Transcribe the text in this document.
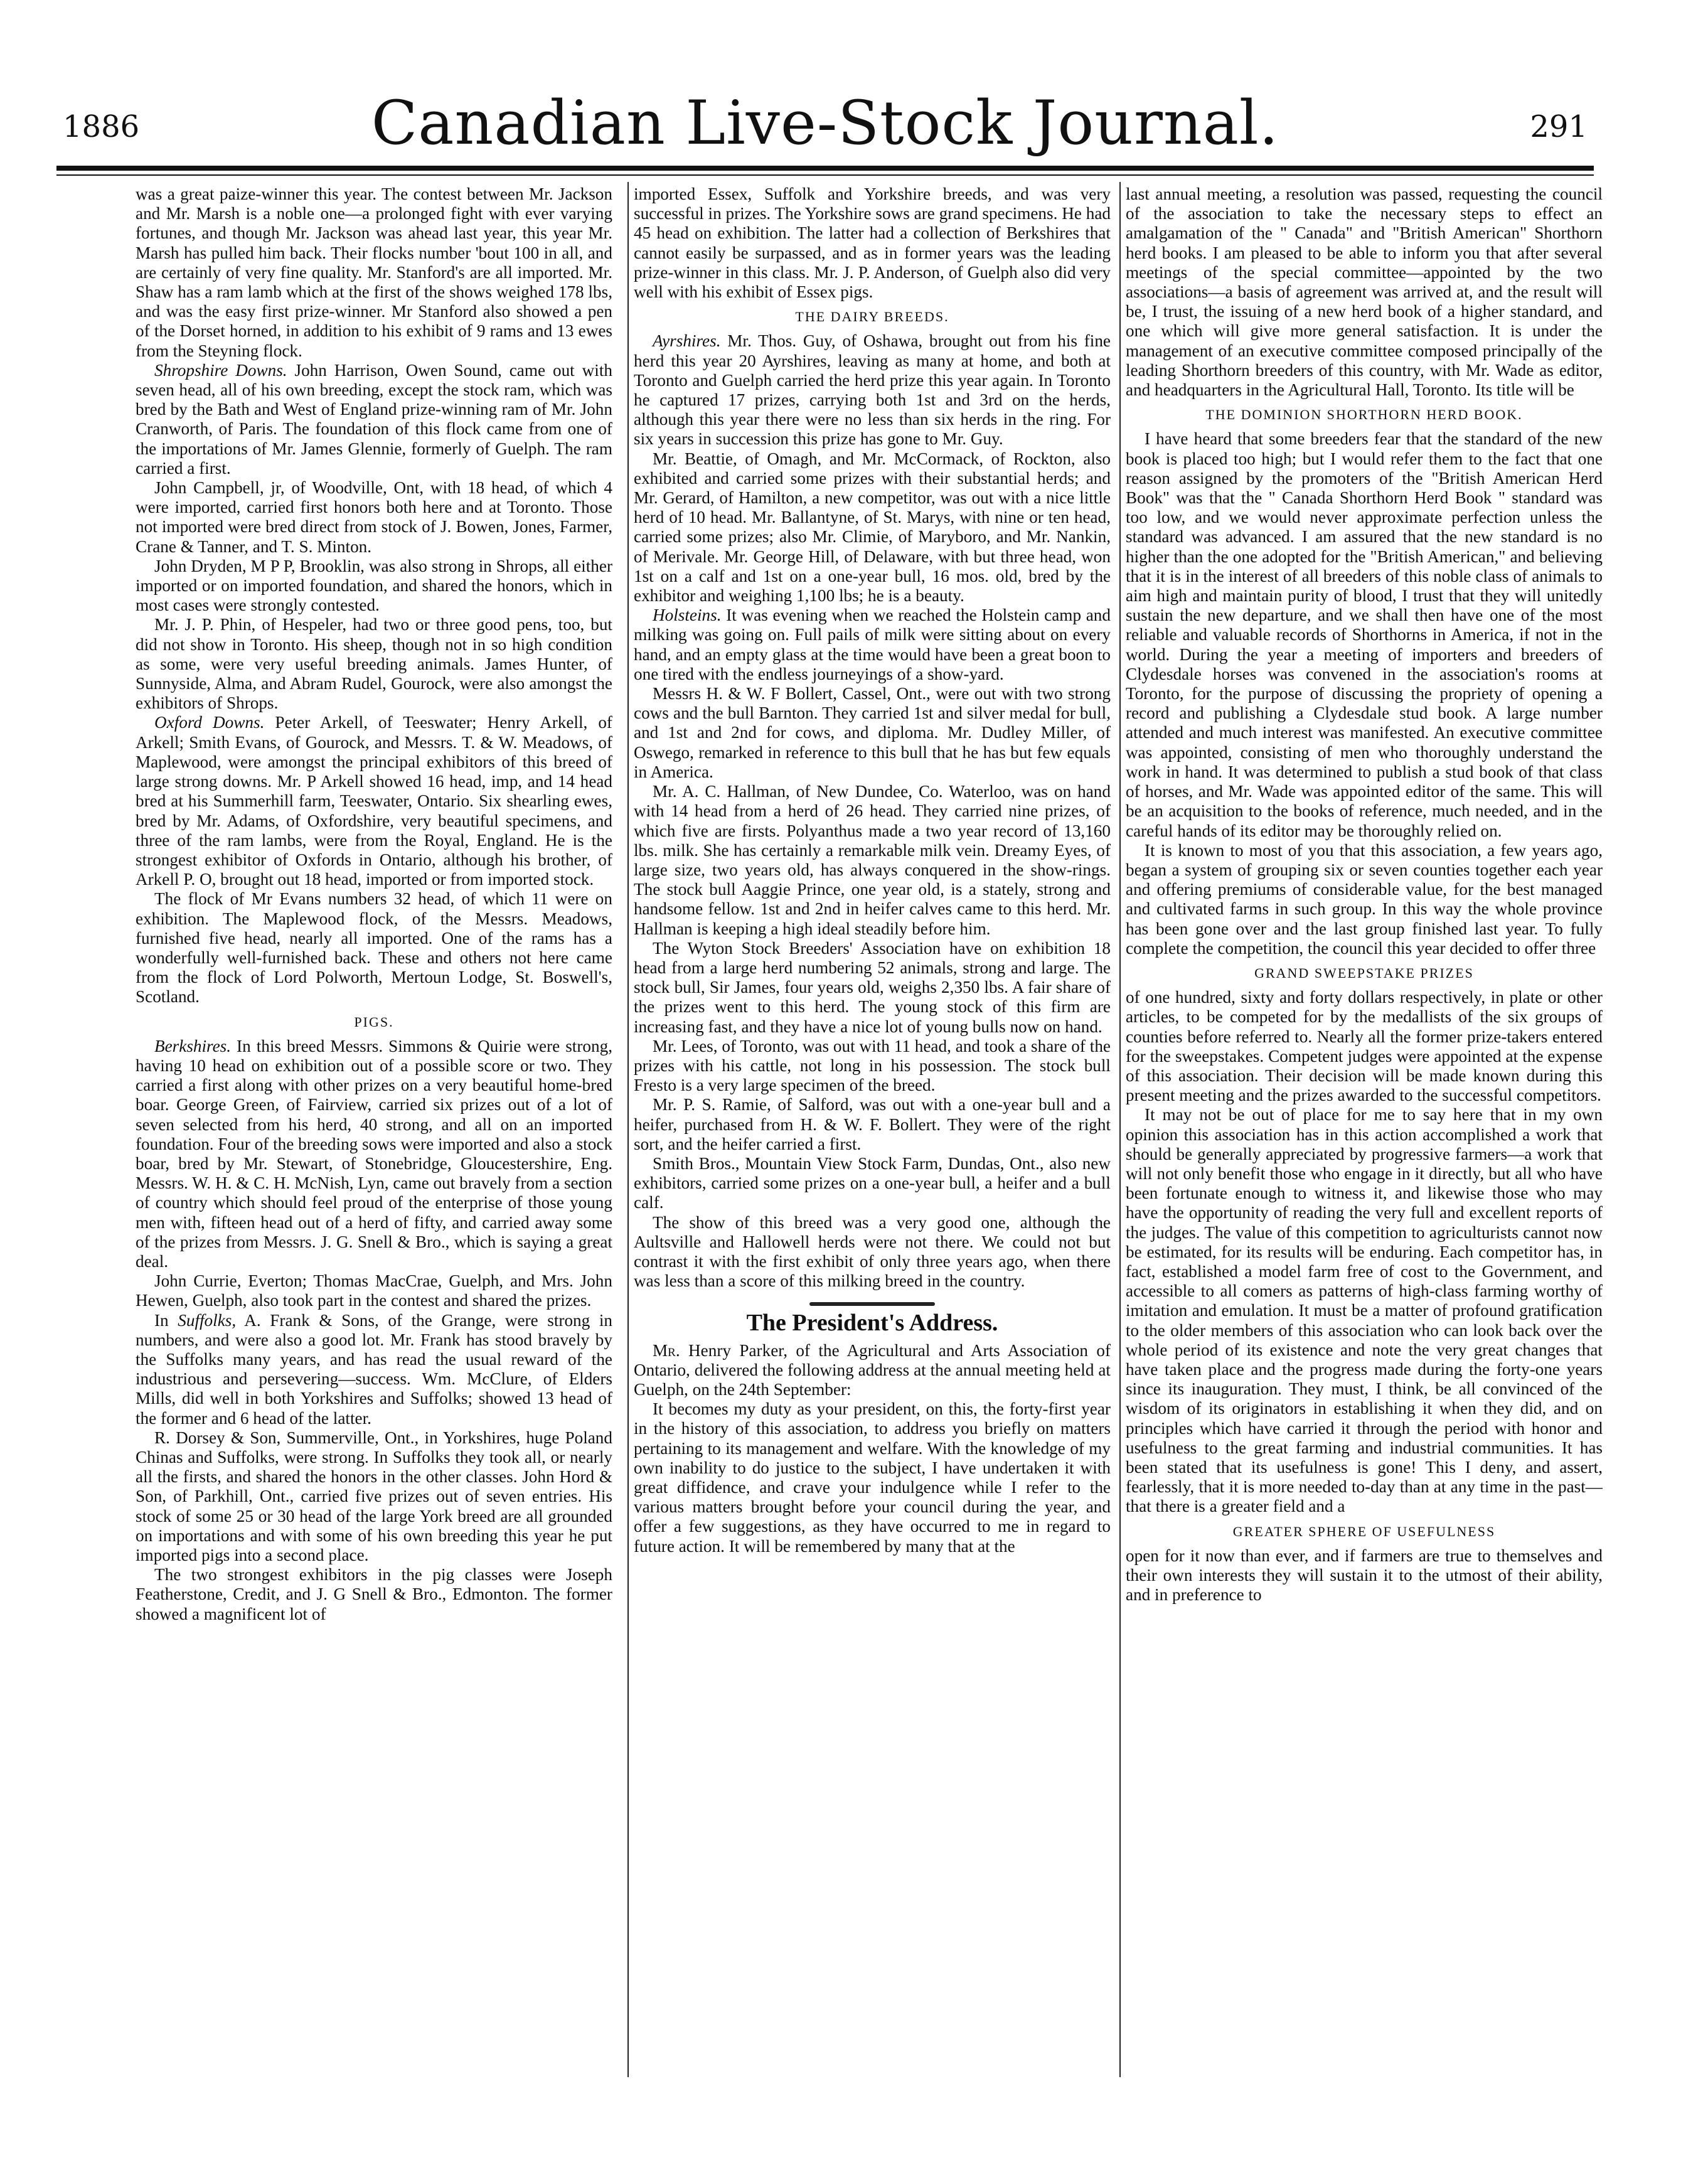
1886	Canadian Live-Stock Journal.	291

was a great paize-winner this year. The contest between Mr. Jackson and Mr. Marsh is a noble one—a prolonged fight with ever varying fortunes, and though Mr. Jackson was ahead last year, this year Mr. Marsh has pulled him back. Their flocks number 'bout 100 in all, and are certainly of very fine quality. Mr. Stanford's are all imported. Mr. Shaw has a ram lamb which at the first of the shows weighed 178 lbs, and was the easy first prize-winner. Mr Stanford also showed a pen of the Dorset horned, in addition to his exhibit of 9 rams and 13 ewes from the Steyning flock.

Shropshire Downs. John Harrison, Owen Sound, came out with seven head, all of his own breeding, except the stock ram, which was bred by the Bath and West of England prize-winning ram of Mr. John Cranworth, of Paris. The foundation of this flock came from one of the importations of Mr. James Glennie, formerly of Guelph. The ram carried a first.

John Campbell, jr, of Woodville, Ont, with 18 head, of which 4 were imported, carried first honors both here and at Toronto. Those not imported were bred direct from stock of J. Bowen, Jones, Farmer, Crane & Tanner, and T. S. Minton.

John Dryden, M P P, Brooklin, was also strong in Shrops, all either imported or on imported foundation, and shared the honors, which in most cases were strongly contested.

Mr. J. P. Phin, of Hespeler, had two or three good pens, too, but did not show in Toronto. His sheep, though not in so high condition as some, were very useful breeding animals. James Hunter, of Sunnyside, Alma, and Abram Rudel, Gourock, were also amongst the exhibitors of Shrops.

Oxford Downs. Peter Arkell, of Teeswater; Henry Arkell, of Arkell; Smith Evans, of Gourock, and Messrs. T. & W. Meadows, of Maplewood, were amongst the principal exhibitors of this breed of large strong downs. Mr. P Arkell showed 16 head, imp, and 14 head bred at his Summerhill farm, Teeswater, Ontario. Six shearling ewes, bred by Mr. Adams, of Oxfordshire, very beautiful specimens, and three of the ram lambs, were from the Royal, England. He is the strongest exhibitor of Oxfords in Ontario, although his brother, of Arkell P. O, brought out 18 head, imported or from imported stock.

The flock of Mr Evans numbers 32 head, of which 11 were on exhibition. The Maplewood flock, of the Messrs. Meadows, furnished five head, nearly all imported. One of the rams has a wonderfully well-furnished back. These and others not here came from the flock of Lord Polworth, Mertoun Lodge, St. Boswell's, Scotland.

PIGS.

Berkshires. In this breed Messrs. Simmons & Quirie were strong, having 10 head on exhibition out of a possible score or two. They carried a first along with other prizes on a very beautiful home-bred boar. George Green, of Fairview, carried six prizes out of a lot of seven selected from his herd, 40 strong, and all on an imported foundation. Four of the breeding sows were imported and also a stock boar, bred by Mr. Stewart, of Stonebridge, Gloucestershire, Eng. Messrs. W. H. & C. H. McNish, Lyn, came out bravely from a section of country which should feel proud of the enterprise of those young men with, fifteen head out of a herd of fifty, and carried away some of the prizes from Messrs. J. G. Snell & Bro., which is saying a great deal.

John Currie, Everton; Thomas MacCrae, Guelph, and Mrs. John Hewen, Guelph, also took part in the contest and shared the prizes.

In Suffolks, A. Frank & Sons, of the Grange, were strong in numbers, and were also a good lot. Mr. Frank has stood bravely by the Suffolks many years, and has read the usual reward of the industrious and persevering—success. Wm. McClure, of Elders Mills, did well in both Yorkshires and Suffolks; showed 13 head of the former and 6 head of the latter.

R. Dorsey & Son, Summerville, Ont., in Yorkshires, huge Poland Chinas and Suffolks, were strong. In Suffolks they took all, or nearly all the firsts, and shared the honors in the other classes. John Hord & Son, of Parkhill, Ont., carried five prizes out of seven entries. His stock of some 25 or 30 head of the large York breed are all grounded on importations and with some of his own breeding this year he put imported pigs into a second place.

The two strongest exhibitors in the pig classes were Joseph Featherstone, Credit, and J. G Snell & Bro., Edmonton. The former showed a magnificent lot of

imported Essex, Suffolk and Yorkshire breeds, and was very successful in prizes. The Yorkshire sows are grand specimens. He had 45 head on exhibition. The latter had a collection of Berkshires that cannot easily be surpassed, and as in former years was the leading prize-winner in this class. Mr. J. P. Anderson, of Guelph also did very well with his exhibit of Essex pigs.

THE DAIRY BREEDS.

Ayrshires. Mr. Thos. Guy, of Oshawa, brought out from his fine herd this year 20 Ayrshires, leaving as many at home, and both at Toronto and Guelph carried the herd prize this year again. In Toronto he captured 17 prizes, carrying both 1st and 3rd on the herds, although this year there were no less than six herds in the ring. For six years in succession this prize has gone to Mr. Guy.

Mr. Beattie, of Omagh, and Mr. McCormack, of Rockton, also exhibited and carried some prizes with their substantial herds; and Mr. Gerard, of Hamilton, a new competitor, was out with a nice little herd of 10 head. Mr. Ballantyne, of St. Marys, with nine or ten head, carried some prizes; also Mr. Climie, of Maryboro, and Mr. Nankin, of Merivale. Mr. George Hill, of Delaware, with but three head, won 1st on a calf and 1st on a one-year bull, 16 mos. old, bred by the exhibitor and weighing 1,100 lbs; he is a beauty.

Holsteins. It was evening when we reached the Holstein camp and milking was going on. Full pails of milk were sitting about on every hand, and an empty glass at the time would have been a great boon to one tired with the endless journeyings of a show-yard.

Messrs H. & W. F Bollert, Cassel, Ont., were out with two strong cows and the bull Barnton. They carried 1st and silver medal for bull, and 1st and 2nd for cows, and diploma. Mr. Dudley Miller, of Oswego, remarked in reference to this bull that he has but few equals in America.

Mr. A. C. Hallman, of New Dundee, Co. Waterloo, was on hand with 14 head from a herd of 26 head. They carried nine prizes, of which five are firsts. Polyanthus made a two year record of 13,160 lbs. milk. She has certainly a remarkable milk vein. Dreamy Eyes, of large size, two years old, has always conquered in the show-rings. The stock bull Aaggie Prince, one year old, is a stately, strong and handsome fellow. 1st and 2nd in heifer calves came to this herd. Mr. Hallman is keeping a high ideal steadily before him.

The Wyton Stock Breeders' Association have on exhibition 18 head from a large herd numbering 52 animals, strong and large. The stock bull, Sir James, four years old, weighs 2,350 lbs. A fair share of the prizes went to this herd. The young stock of this firm are increasing fast, and they have a nice lot of young bulls now on hand.

Mr. Lees, of Toronto, was out with 11 head, and took a share of the prizes with his cattle, not long in his possession. The stock bull Fresto is a very large specimen of the breed.

Mr. P. S. Ramie, of Salford, was out with a one-year bull and a heifer, purchased from H. & W. F. Bollert. They were of the right sort, and the heifer carried a first.

Smith Bros., Mountain View Stock Farm, Dundas, Ont., also new exhibitors, carried some prizes on a one-year bull, a heifer and a bull calf.

The show of this breed was a very good one, although the Aultsville and Hallowell herds were not there. We could not but contrast it with the first exhibit of only three years ago, when there was less than a score of this milking breed in the country.

The President's Address.

Mr. Henry Parker, of the Agricultural and Arts Association of Ontario, delivered the following address at the annual meeting held at Guelph, on the 24th September:

It becomes my duty as your president, on this, the forty-first year in the history of this association, to address you briefly on matters pertaining to its management and welfare. With the knowledge of my own inability to do justice to the subject, I have undertaken it with great diffidence, and crave your indulgence while I refer to the various matters brought before your council during the year, and offer a few suggestions, as they have occurred to me in regard to future action. It will be remembered by many that at the

last annual meeting, a resolution was passed, requesting the council of the association to take the necessary steps to effect an amalgamation of the " Canada" and "British American" Shorthorn herd books. I am pleased to be able to inform you that after several meetings of the special committee—appointed by the two associations—a basis of agreement was arrived at, and the result will be, I trust, the issuing of a new herd book of a higher standard, and one which will give more general satisfaction. It is under the management of an executive committee composed principally of the leading Shorthorn breeders of this country, with Mr. Wade as editor, and headquarters in the Agricultural Hall, Toronto. Its title will be

THE DOMINION SHORTHORN HERD BOOK.

I have heard that some breeders fear that the standard of the new book is placed too high; but I would refer them to the fact that one reason assigned by the promoters of the "British American Herd Book" was that the " Canada Shorthorn Herd Book " standard was too low, and we would never approximate perfection unless the standard was advanced. I am assured that the new standard is no higher than the one adopted for the "British American," and believing that it is in the interest of all breeders of this noble class of animals to aim high and maintain purity of blood, I trust that they will unitedly sustain the new departure, and we shall then have one of the most reliable and valuable records of Shorthorns in America, if not in the world. During the year a meeting of importers and breeders of Clydesdale horses was convened in the association's rooms at Toronto, for the purpose of discussing the propriety of opening a record and publishing a Clydesdale stud book. A large number attended and much interest was manifested. An executive committee was appointed, consisting of men who thoroughly understand the work in hand. It was determined to publish a stud book of that class of horses, and Mr. Wade was appointed editor of the same. This will be an acquisition to the books of reference, much needed, and in the careful hands of its editor may be thoroughly relied on.

It is known to most of you that this association, a few years ago, began a system of grouping six or seven counties together each year and offering premiums of considerable value, for the best managed and cultivated farms in such group. In this way the whole province has been gone over and the last group finished last year. To fully complete the competition, the council this year decided to offer three

GRAND SWEEPSTAKE PRIZES

of one hundred, sixty and forty dollars respectively, in plate or other articles, to be competed for by the medallists of the six groups of counties before referred to. Nearly all the former prize-takers entered for the sweepstakes. Competent judges were appointed at the expense of this association. Their decision will be made known during this present meeting and the prizes awarded to the successful competitors.

It may not be out of place for me to say here that in my own opinion this association has in this action accomplished a work that should be generally appreciated by progressive farmers—a work that will not only benefit those who engage in it directly, but all who have been fortunate enough to witness it, and likewise those who may have the opportunity of reading the very full and excellent reports of the judges. The value of this competition to agriculturists cannot now be estimated, for its results will be enduring. Each competitor has, in fact, established a model farm free of cost to the Government, and accessible to all comers as patterns of high-class farming worthy of imitation and emulation. It must be a matter of profound gratification to the older members of this association who can look back over the whole period of its existence and note the very great changes that have taken place and the progress made during the forty-one years since its inauguration. They must, I think, be all convinced of the wisdom of its originators in establishing it when they did, and on principles which have carried it through the period with honor and usefulness to the great farming and industrial communities. It has been stated that its usefulness is gone! This I deny, and assert, fearlessly, that it is more needed to-day than at any time in the past—that there is a greater field and a

GREATER SPHERE OF USEFULNESS

open for it now than ever, and if farmers are true to themselves and their own interests they will sustain it to the utmost of their ability, and in preference to
